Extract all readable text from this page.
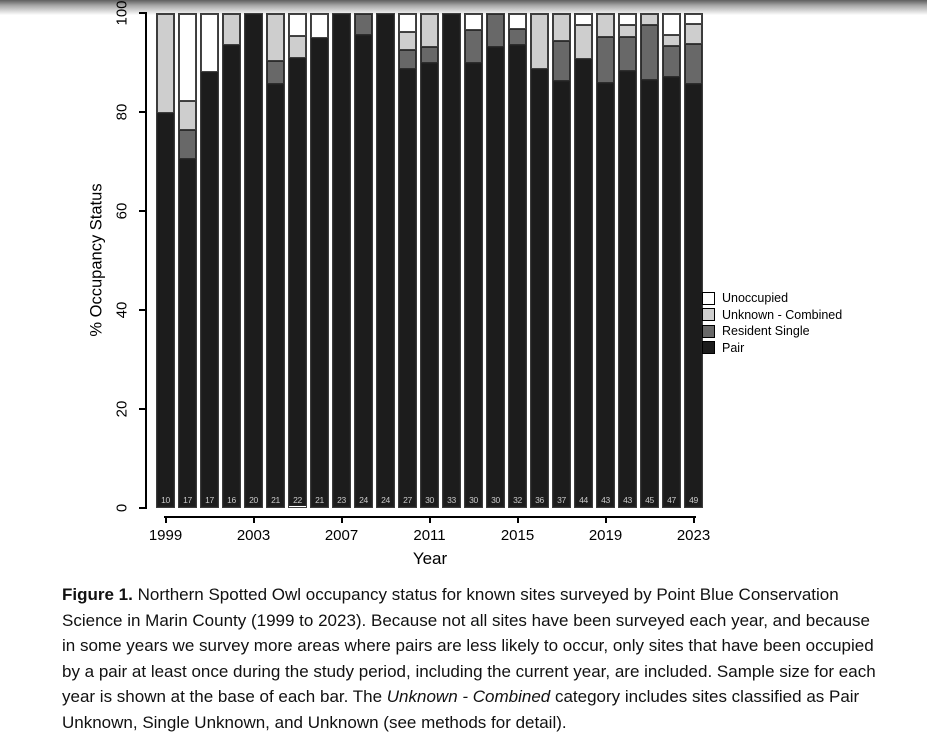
% Occupancy Status
0
20
40
60
80
100
10	17	17	16	20	21	22	21	23	24	24	27	30	33	30	30	32	36	37	44	43	43	45	47	49
1999	2003	2007	2011	2015	2019	2023
Year
Unoccupied
Unknown - Combined
Resident Single
Pair
Figure 1. Northern Spotted Owl occupancy status for known sites surveyed by Point Blue Conservation Science in Marin County (1999 to 2023). Because not all sites have been surveyed each year, and because in some years we survey more areas where pairs are less likely to occur, only sites that have been occupied by a pair at least once during the study period, including the current year, are included. Sample size for each year is shown at the base of each bar. The Unknown - Combined category includes sites classified as Pair Unknown, Single Unknown, and Unknown (see methods for detail).
